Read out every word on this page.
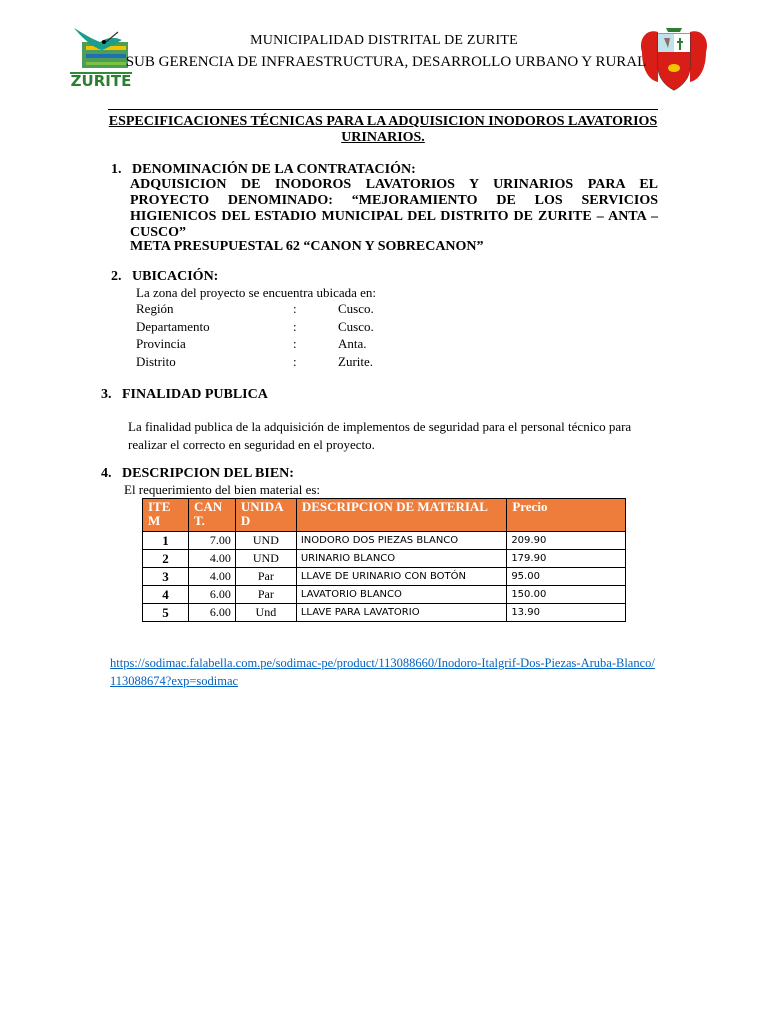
ZURITE
MUNICIPALIDAD DISTRITAL DE ZURITE
SUB GERENCIA DE INFRAESTRUCTURA, DESARROLLO URBANO Y RURAL
ESPECIFICACIONES TÉCNICAS PARA LA ADQUISICION INODOROS LAVATORIOS URINARIOS.
1.   DENOMINACIÓN DE LA CONTRATACIÓN:
ADQUISICION DE INODOROS LAVATORIOS Y URINARIOS PARA EL PROYECTO DENOMINADO: “MEJORAMIENTO DE LOS SERVICIOS HIGIENICOS DEL ESTADIO MUNICIPAL DEL DISTRITO DE ZURITE – ANTA – CUSCO”
META PRESUPUESTAL 62 “CANON Y SOBRECANON”
2.   UBICACIÓN:
La zona del proyecto se encuentra ubicada en:
Región	:	Cusco.
Departamento	:	Cusco.
Provincia	:	Anta.
Distrito	:	Zurite.
3.   FINALIDAD PUBLICA
La finalidad publica de la adquisición de implementos de seguridad para el personal técnico para realizar el correcto en seguridad en el proyecto.
4.   DESCRIPCION DEL BIEN:
El requerimiento del bien material es:
ITE M	CAN T.	UNIDA D	DESCRIPCION DE MATERIAL	Precio
1	7.00	UND	INODORO DOS PIEZAS BLANCO	209.90
2	4.00	UND	URINARIO BLANCO	179.90
3	4.00	Par	LLAVE DE URINARIO CON BOTÓN	95.00
4	6.00	Par	LAVATORIO BLANCO	150.00
5	6.00	Und	LLAVE PARA LAVATORIO	13.90
https://sodimac.falabella.com.pe/sodimac-pe/product/113088660/Inodoro-Italgrif-Dos-Piezas-Aruba-Blanco/113088674?exp=sodimac
